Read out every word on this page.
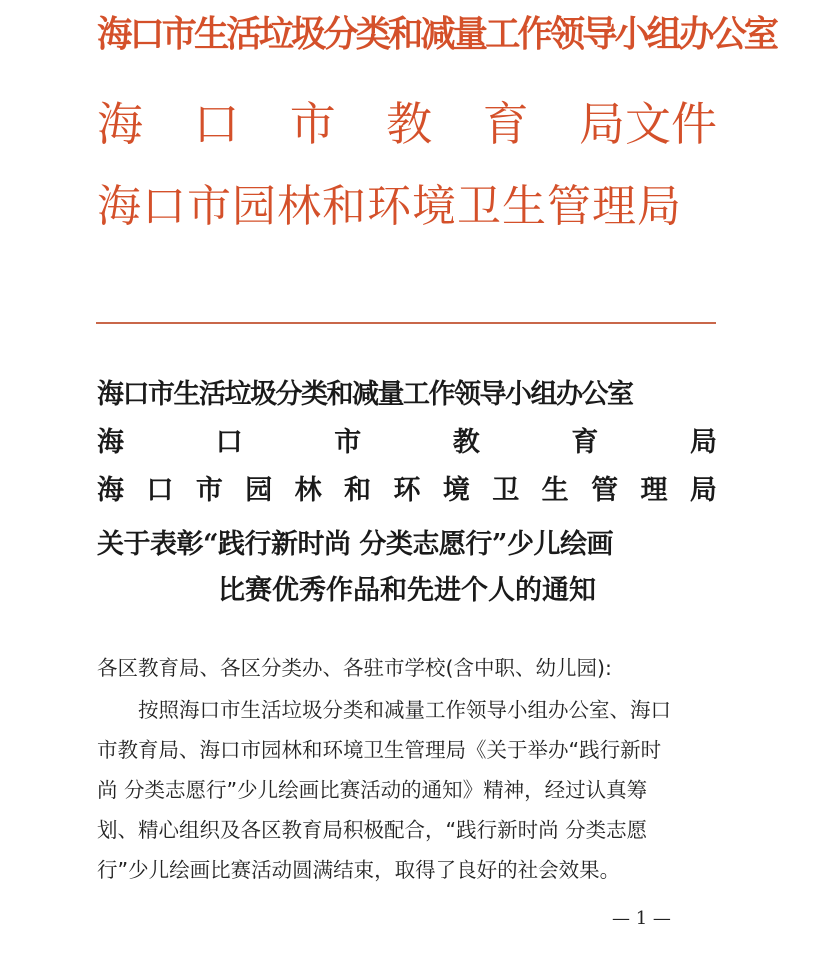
海口市生活垃圾分类和减量工作领导小组办公室
海 口 市 教 育 局文件
海口市园林和环境卫生管理局
海口市生活垃圾分类和减量工作领导小组办公室
海	口	市	教	育	局
海 口 市 园 林 和 环 境 卫 生 管 理 局
关于表彰“践行新时尚 分类志愿行”少儿绘画
比赛优秀作品和先进个人的通知
各区教育局、各区分类办、各驻市学校(含中职、幼儿园):
按照海口市生活垃圾分类和减量工作领导小组办公室、海口
市教育局、海口市园林和环境卫生管理局《关于举办“践行新时
尚 分类志愿行”少儿绘画比赛活动的通知》精神，经过认真筹
划、精心组织及各区教育局积极配合，“践行新时尚 分类志愿
行”少儿绘画比赛活动圆满结束，取得了良好的社会效果。
— 1 —
